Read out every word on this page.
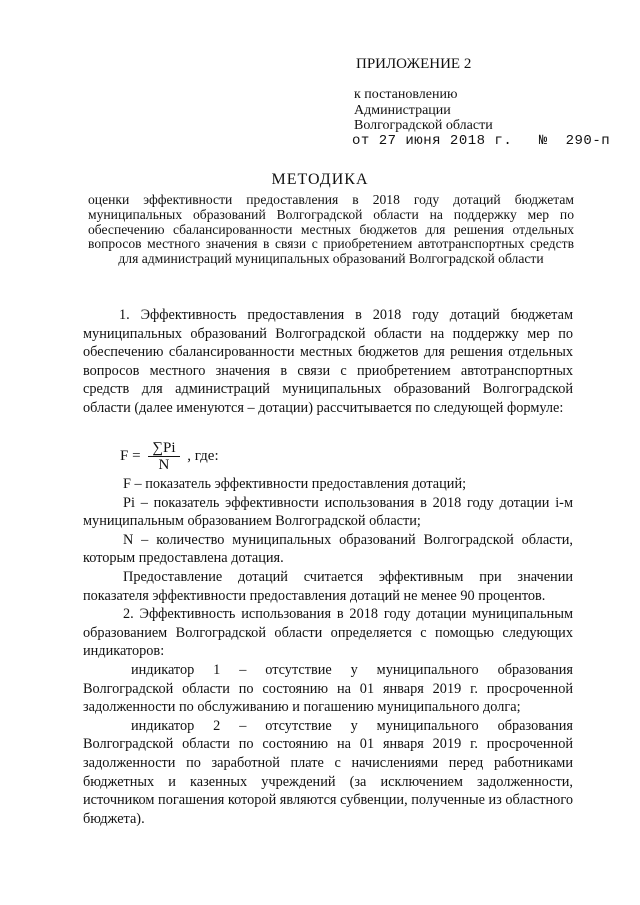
ПРИЛОЖЕНИЕ 2
к постановлению
Администрации
Волгоградской области
от 27 июня 2018 г.   №  290-п
МЕТОДИКА
оценки эффективности предоставления в 2018 году дотаций бюджетам муниципальных образований Волгоградской области на поддержку мер по обеспечению сбалансированности местных бюджетов для решения отдельных вопросов местного значения в связи с приобретением автотранспортных средств для администраций муниципальных образований Волгоградской области
1. Эффективность предоставления в 2018 году дотаций бюджетам муниципальных образований Волгоградской области на поддержку мер по обеспечению сбалансированности местных бюджетов для решения отдельных вопросов местного значения в связи с приобретением автотранспортных средств для администраций муниципальных образований Волгоградской области (далее именуются – дотации) рассчитывается по следующей формуле:
$F = \frac{\sum Pi}{N}$ , где:

F – показатель эффективности предоставления дотаций;

Pi – показатель эффективности использования в 2018 году дотации i-м муниципальным образованием Волгоградской области;

N – количество муниципальных образований Волгоградской области, которым предоставлена дотация.

Предоставление дотаций считается эффективным при значении показателя эффективности предоставления дотаций не менее 90 процентов.

2. Эффективность использования в 2018 году дотации муниципальным образованием Волгоградской области определяется с помощью следующих индикаторов:

индикатор 1 – отсутствие у муниципального образования Волгоградской области по состоянию на 01 января 2019 г. просроченной задолженности по обслуживанию и погашению муниципального долга;

индикатор 2 – отсутствие у муниципального образования Волгоградской области по состоянию на 01 января 2019 г. просроченной задолженности по заработной плате с начислениями перед работниками бюджетных и казенных учреждений (за исключением задолженности, источником погашения которой являются субвенции, полученные из областного бюджета).
